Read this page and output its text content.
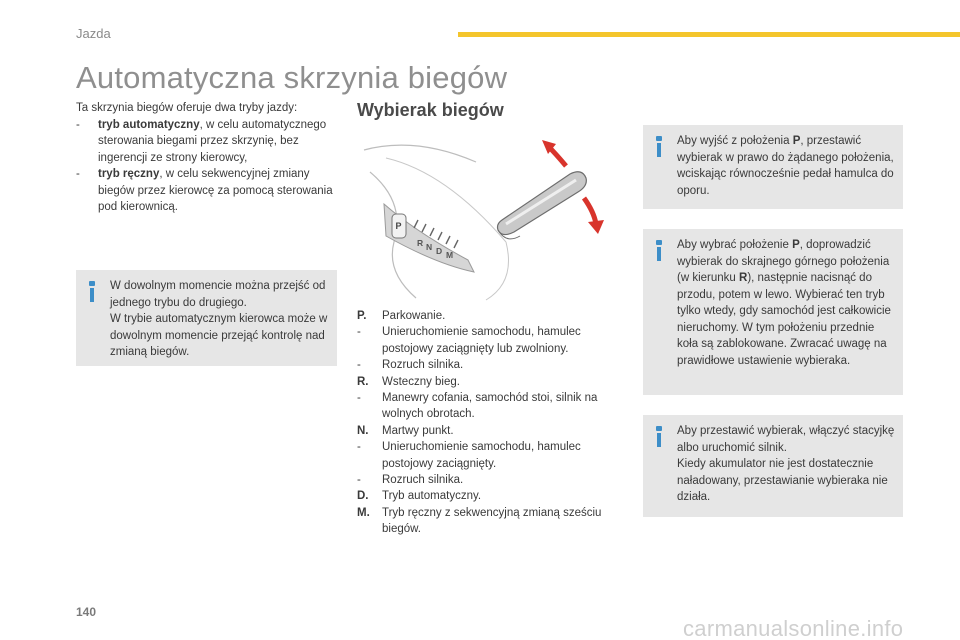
Jazda
Automatyczna skrzynia biegów
Ta skrzynia biegów oferuje dwa tryby jazdy:
- tryb automatyczny, w celu automatycznego sterowania biegami przez skrzynię, bez ingerencji ze strony kierowcy,
- tryb ręczny, w celu sekwencyjnej zmiany biegów przez kierowcę za pomocą sterowania pod kierownicą.
W dowolnym momencie można przejść od jednego trybu do drugiego.
W trybie automatycznym kierowca może w dowolnym momencie przejąć kontrolę nad zmianą biegów.
Wybierak biegów
P
R N D M
P. Parkowanie.
- Unieruchomienie samochodu, hamulec postojowy zaciągnięty lub zwolniony.
- Rozruch silnika.
R. Wsteczny bieg.
- Manewry cofania, samochód stoi, silnik na wolnych obrotach.
N. Martwy punkt.
- Unieruchomienie samochodu, hamulec postojowy zaciągnięty.
- Rozruch silnika.
D. Tryb automatyczny.
M. Tryb ręczny z sekwencyjną zmianą sześciu biegów.
Aby wyjść z położenia P, przestawić wybierak w prawo do żądanego położenia, wciskając równocześnie pedał hamulca do oporu.
Aby wybrać położenie P, doprowadzić wybierak do skrajnego górnego położenia (w kierunku R), następnie nacisnąć do przodu, potem w lewo. Wybierać ten tryb tylko wtedy, gdy samochód jest całkowicie nieruchomy. W tym położeniu przednie koła są zablokowane. Zwracać uwagę na prawidłowe ustawienie wybieraka.
Aby przestawić wybierak, włączyć stacyjkę albo uruchomić silnik.
Kiedy akumulator nie jest dostatecznie naładowany, przestawianie wybieraka nie działa.
140
carmanualsonline.info
